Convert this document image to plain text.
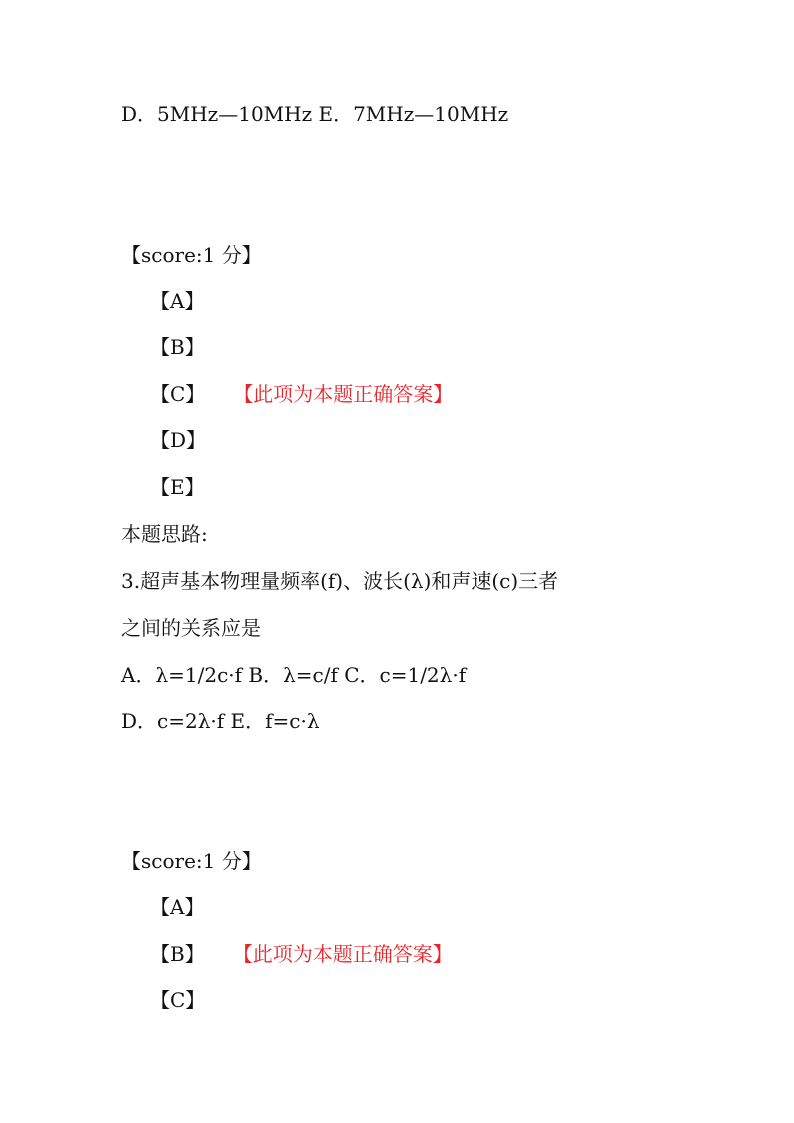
D．5MHz—10MHz E．7MHz—10MHz
【score:1 分】
【A】
【B】
【C】 【此项为本题正确答案】
【D】
【E】
本题思路:
3.超声基本物理量频率(f)、波长(λ)和声速(c)三者
之间的关系应是
A．λ=1/2c·f B．λ=c/f C．c=1/2λ·f
D．c=2λ·f E．f=c·λ
【score:1 分】
【A】
【B】 【此项为本题正确答案】
【C】
